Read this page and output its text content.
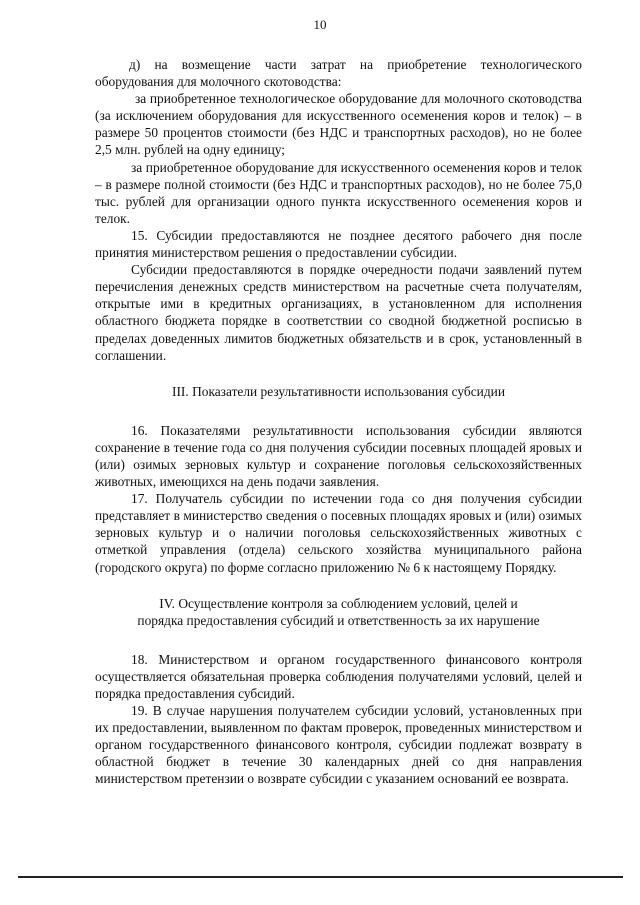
10

д) на возмещение части затрат на приобретение технологического оборудования для молочного скотоводства:

за приобретенное технологическое оборудование для молочного скотоводства (за исключением оборудования для искусственного осеменения коров и телок) – в размере 50 процентов стоимости (без НДС и транспортных расходов), но не более 2,5 млн. рублей на одну единицу;

за приобретенное оборудование для искусственного осеменения коров и телок – в размере полной стоимости (без НДС и транспортных расходов), но не более 75,0 тыс. рублей для организации одного пункта искусственного осеменения коров и телок.

15. Субсидии предоставляются не позднее десятого рабочего дня после принятия министерством решения о предоставлении субсидии.

Субсидии предоставляются в порядке очередности подачи заявлений путем перечисления денежных средств министерством на расчетные счета получателям, открытые ими в кредитных организациях, в установленном для исполнения областного бюджета порядке в соответствии со сводной бюджетной росписью в пределах доведенных лимитов бюджетных обязательств и в срок, установленный в соглашении.

III. Показатели результативности использования субсидии

16. Показателями результативности использования субсидии являются сохранение в течение года со дня получения субсидии посевных площадей яровых и (или) озимых зерновых культур и сохранение поголовья сельскохозяйственных животных, имеющихся на день подачи заявления.

17. Получатель субсидии по истечении года со дня получения субсидии представляет в министерство сведения о посевных площадях яровых и (или) озимых зерновых культур и о наличии поголовья сельскохозяйственных животных с отметкой управления (отдела) сельского хозяйства муниципального района (городского округа) по форме согласно приложению № 6 к настоящему Порядку.

IV. Осуществление контроля за соблюдением условий, целей и
порядка предоставления субсидий и ответственность за их нарушение

18. Министерством и органом государственного финансового контроля осуществляется обязательная проверка соблюдения получателями условий, целей и порядка предоставления субсидий.

19. В случае нарушения получателем субсидии условий, установленных при их предоставлении, выявленном по фактам проверок, проведенных министерством и органом государственного финансового контроля, субсидии подлежат возврату в областной бюджет в течение 30 календарных дней со дня направления министерством претензии о возврате субсидии с указанием оснований ее возврата.
